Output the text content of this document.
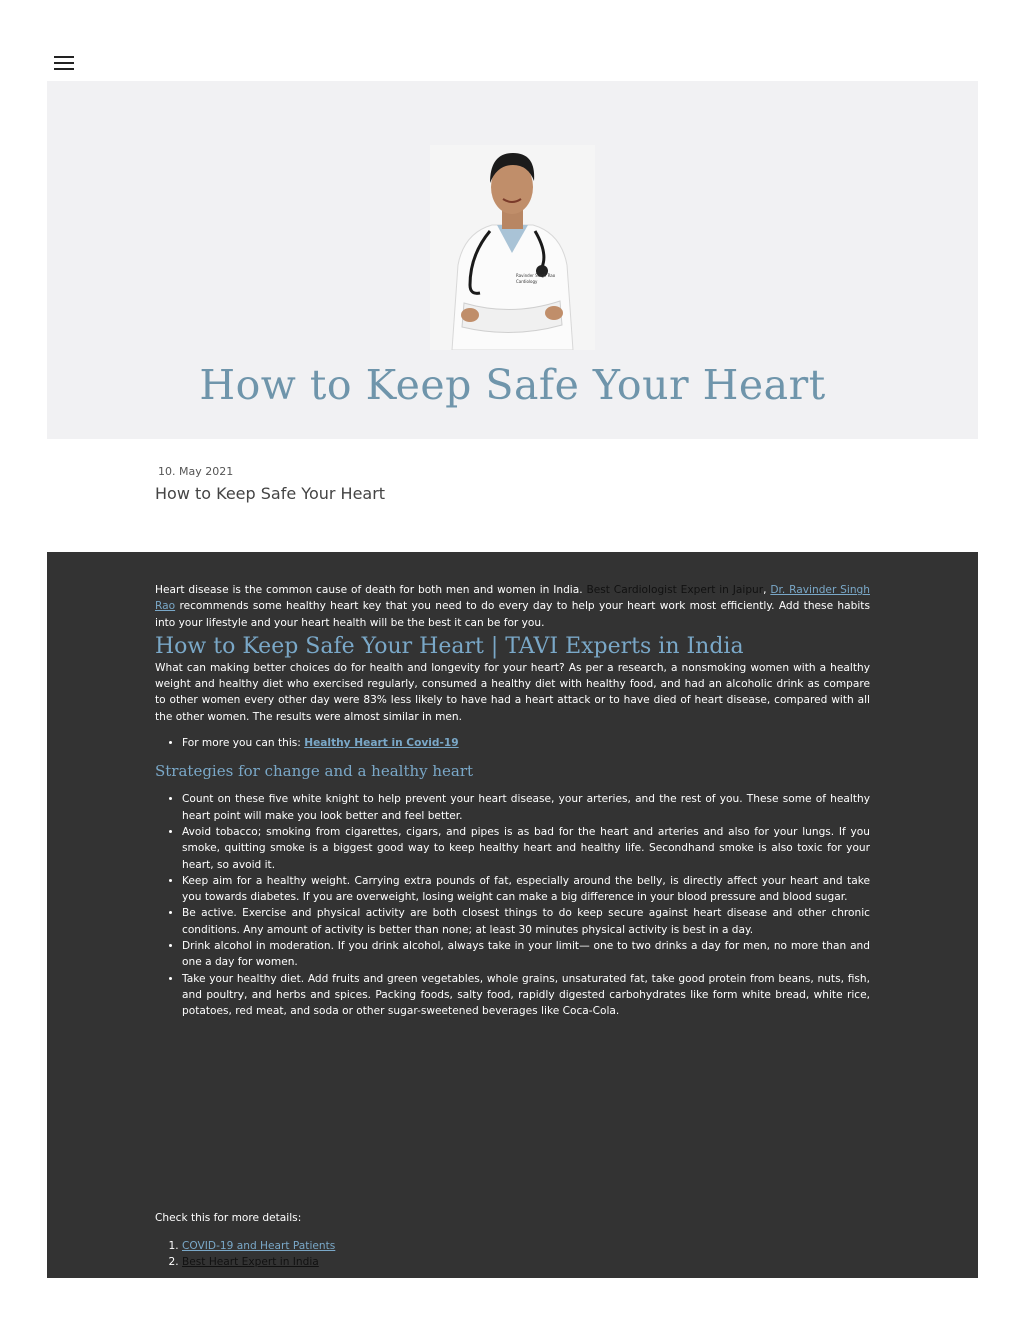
Ravinder Singh Rao
Cardiology
How to Keep Safe Your Heart
10. May 2021
How to Keep Safe Your Heart

Heart disease is the common cause of death for both men and women in India. Best Cardiologist Expert in Jaipur, Dr. Ravinder Singh Rao recommends some healthy heart key that you need to do every day to help your heart work most efficiently. Add these habits into your lifestyle and your heart health will be the best it can be for you.

How to Keep Safe Your Heart | TAVI Experts in India

What can making better choices do for health and longevity for your heart? As per a research, a nonsmoking women with a healthy weight and healthy diet who exercised regularly, consumed a healthy diet with healthy food, and had an alcoholic drink as compare to other women every other day were 83% less likely to have had a heart attack or to have died of heart disease, compared with all the other women. The results were almost similar in men.

• For more you can this: Healthy Heart in Covid-19
Strategies for change and a healthy heart
• Count on these five white knight to help prevent your heart disease, your arteries, and the rest of you. These some of healthy heart point will make you look better and feel better.
• Avoid tobacco; smoking from cigarettes, cigars, and pipes is as bad for the heart and arteries and also for your lungs. If you smoke, quitting smoke is a biggest good way to keep healthy heart and healthy life. Secondhand smoke is also toxic for your heart, so avoid it.
• Keep aim for a healthy weight. Carrying extra pounds of fat, especially around the belly, is directly affect your heart and take you towards diabetes. If you are overweight, losing weight can make a big difference in your blood pressure and blood sugar.
• Be active. Exercise and physical activity are both closest things to do keep secure against heart disease and other chronic conditions. Any amount of activity is better than none; at least 30 minutes physical activity is best in a day.
• Drink alcohol in moderation. If you drink alcohol, always take in your limit— one to two drinks a day for men, no more than and one a day for women.
• Take your healthy diet. Add fruits and green vegetables, whole grains, unsaturated fat, take good protein from beans, nuts, fish, and poultry, and herbs and spices. Packing foods, salty food, rapidly digested carbohydrates like form white bread, white rice, potatoes, red meat, and soda or other sugar-sweetened beverages like Coca-Cola.

Check this for more details:

1. COVID-19 and Heart Patients
2. Best Heart Expert in India
